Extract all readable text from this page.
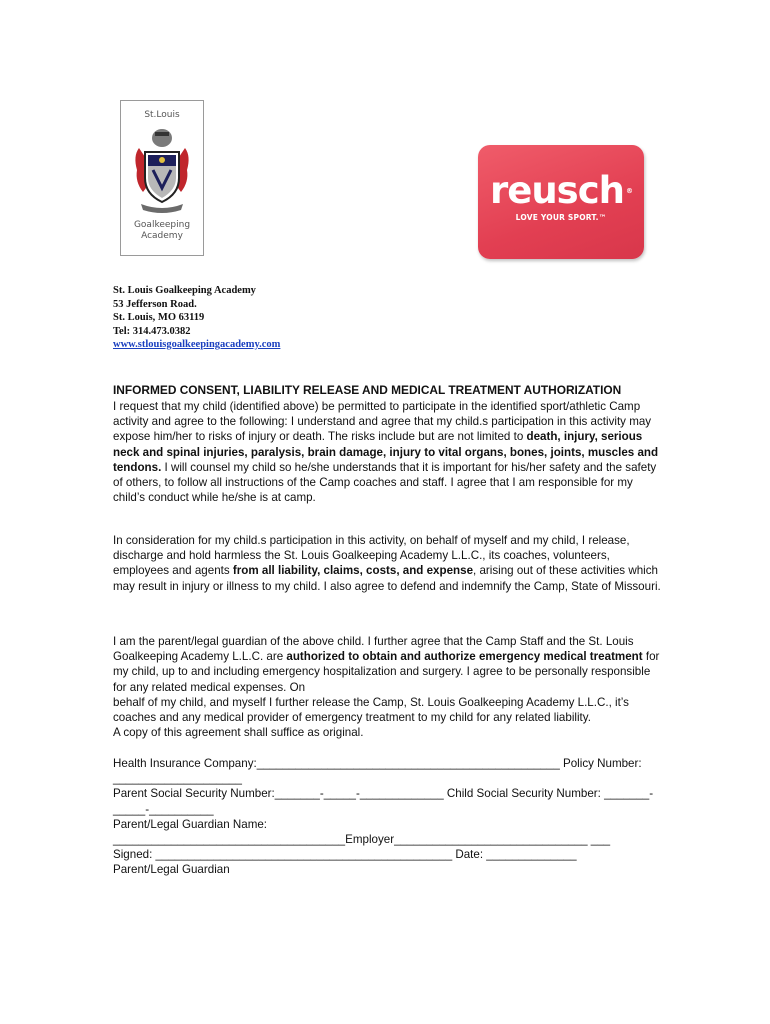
St.Louis
Goalkeeping
Academy
reusch ®
LOVE YOUR SPORT.™
St. Louis Goalkeeping Academy
53 Jefferson Road.
St. Louis, MO 63119
Tel: 314.473.0382
www.stlouisgoalkeepingacademy.com
INFORMED CONSENT, LIABILITY RELEASE AND MEDICAL TREATMENT AUTHORIZATION
I request that my child (identified above) be permitted to participate in the identified sport/athletic Camp activity and agree to the following: I understand and agree that my child.s participation in this activity may expose him/her to risks of injury or death. The risks include but are not limited to death, injury, serious neck and spinal injuries, paralysis, brain damage, injury to vital organs, bones, joints, muscles and tendons. I will counsel my child so he/she understands that it is important for his/her safety and the safety of others, to follow all instructions of the Camp coaches and staff. I agree that I am responsible for my child’s conduct while he/she is at camp.
In consideration for my child.s participation in this activity, on behalf of myself and my child, I release, discharge and hold harmless the St. Louis Goalkeeping Academy L.L.C., its coaches, volunteers, employees and agents from all liability, claims, costs, and expense, arising out of these activities which may result in injury or illness to my child. I also agree to defend and indemnify the Camp, State of Missouri.
I am the parent/legal guardian of the above child. I further agree that the Camp Staff and the St. Louis Goalkeeping Academy L.L.C. are authorized to obtain and authorize emergency medical treatment for my child, up to and including emergency hospitalization and surgery. I agree to be personally responsible for any related medical expenses. On
behalf of my child, and myself I further release the Camp, St. Louis Goalkeeping Academy L.L.C., it’s coaches and any medical provider of emergency treatment to my child for any related liability.
A copy of this agreement shall suffice as original.
Health Insurance Company:_______________________________________________ Policy Number: ____________________
Parent Social Security Number:_______-_____-_____________ Child Social Security Number: _______-_____-__________
Parent/Legal Guardian Name: ____________________________________Employer______________________________ ___
Signed: ______________________________________________ Date: ______________
Parent/Legal Guardian
